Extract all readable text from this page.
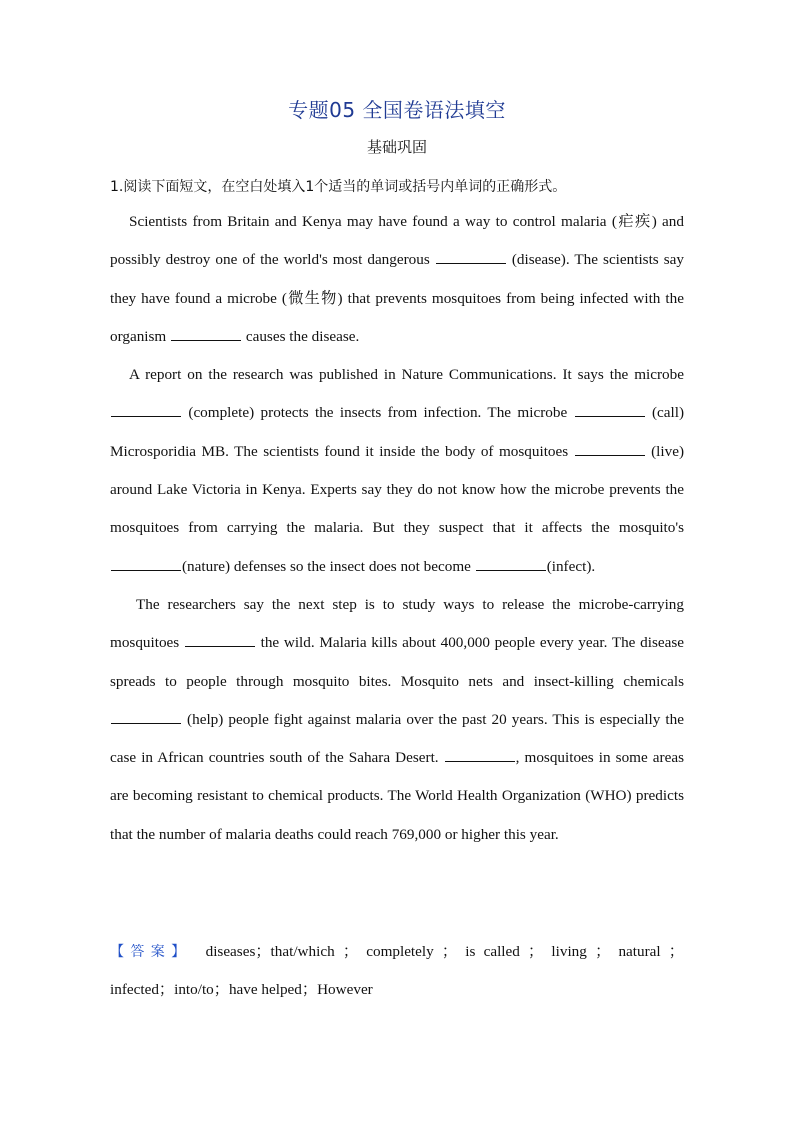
专题05 全国卷语法填空
基础巩固
1.阅读下面短文，在空白处填入1个适当的单词或括号内单词的正确形式。

Scientists from Britain and Kenya may have found a way to control malaria (疟疾) and possibly destroy one of the world's most dangerous	(disease). The scientists say they have found a microbe (微生物) that prevents mosquitoes from being infected with the organism	causes the disease.

A report on the research was published in Nature Communications. It says the microbe  (complete) protects the insects from infection. The microbe	(call) Microsporidia MB. The scientists found it inside the body of mosquitoes	(live) around Lake Victoria in Kenya. Experts say they do not know how the microbe prevents the mosquitoes from carrying the malaria. But they suspect that it affects the mosquito's (nature) defenses so the insect does not become	(infect).

The researchers say the next step is to study ways to release the microbe-carrying mosquitoes	the wild. Malaria kills about 400,000 people every year. The disease spreads to people through mosquito bites. Mosquito nets and insect-killing chemicals  (help) people fight against malaria over the past 20 years. This is especially the case in African countries south of the Sahara Desert.	, mosquitoes in some areas are becoming resistant to chemical products. The World Health Organization (WHO) predicts that the number of malaria deaths could reach 769,000 or higher this year.

【答案】 diseases；that/which ； completely ； is called ； living ； natural ； infected；into/to；have helped；However
